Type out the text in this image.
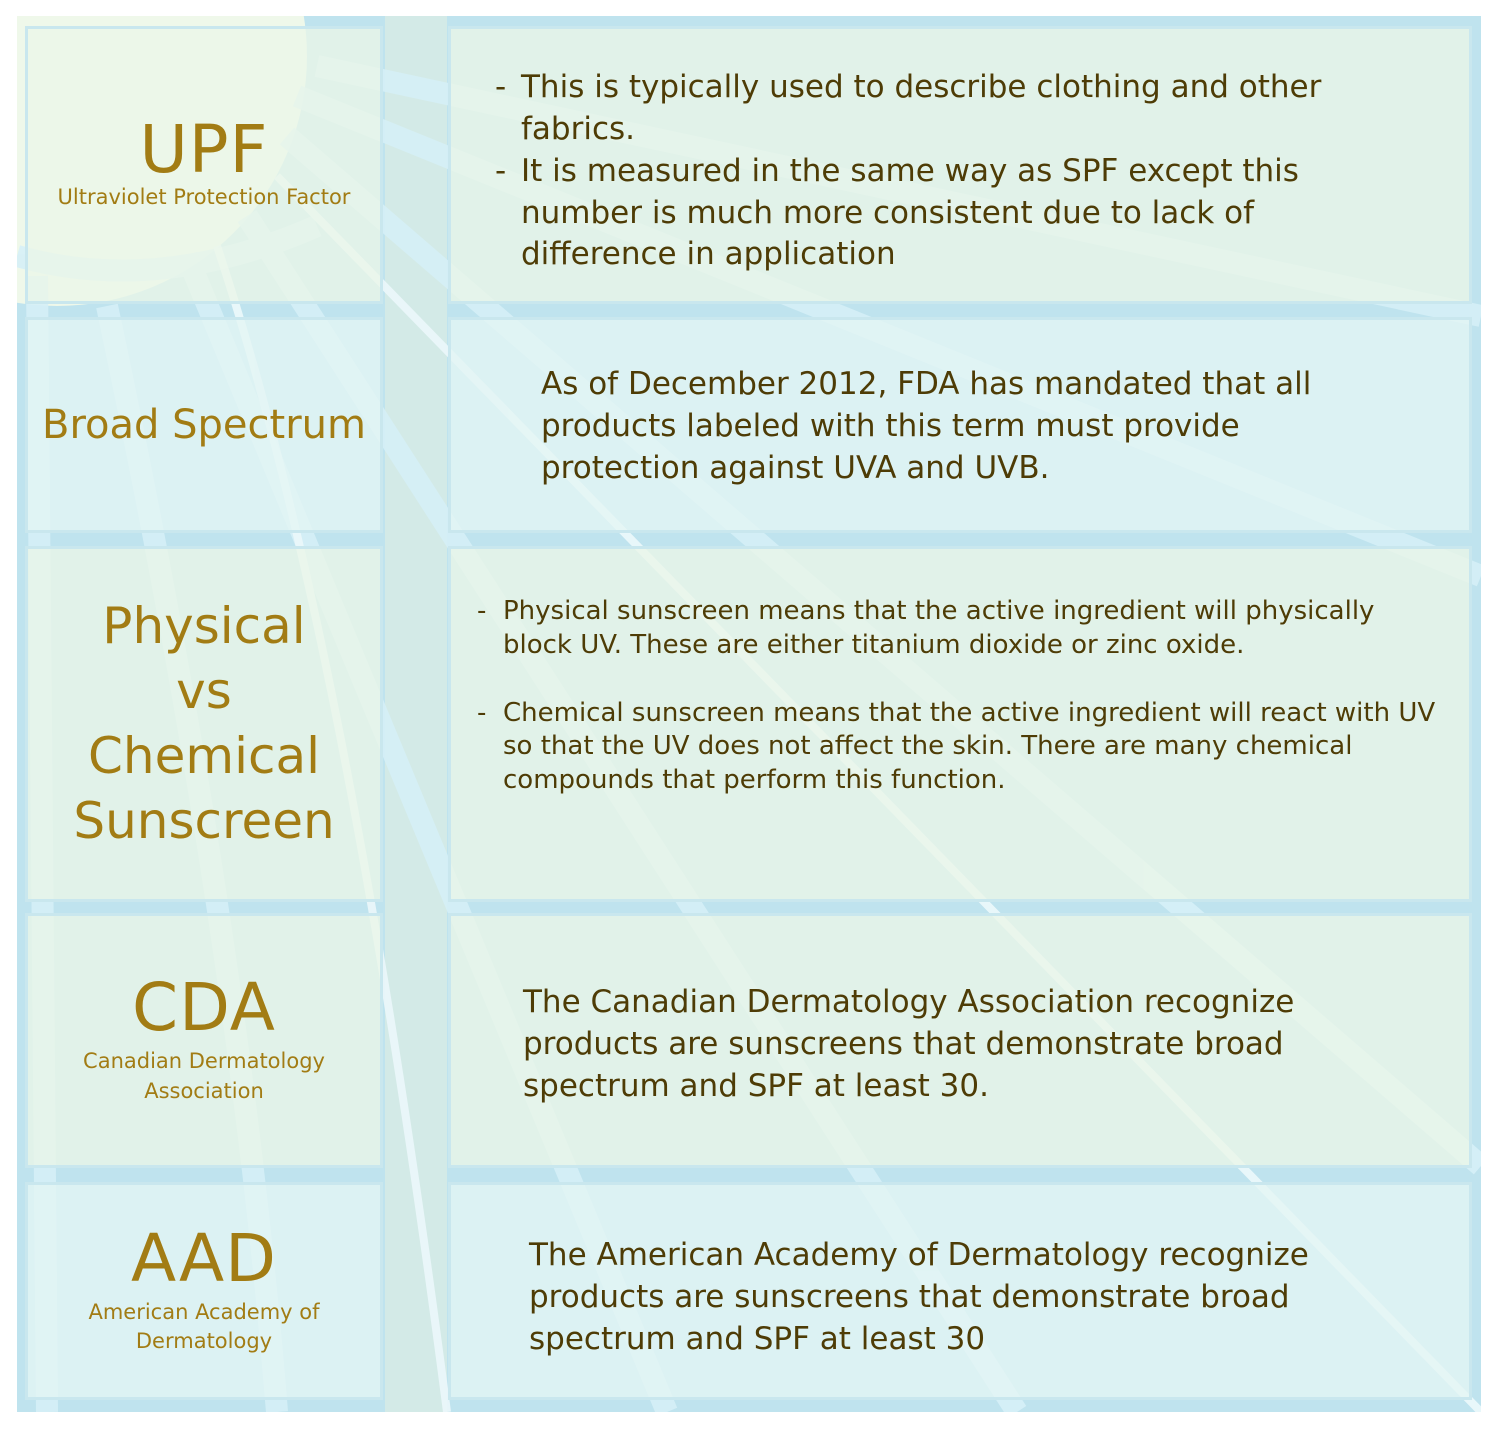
UPF
Ultraviolet Protection Factor
- This is typically used to describe clothing and other fabrics.
- It is measured in the same way as SPF except this number is much more consistent due to lack of difference in application
Broad Spectrum

As of December 2012, FDA has mandated that all products labeled with this term must provide protection against UVA and UVB.

Physical
vs
Chemical
Sunscreen
- Physical sunscreen means that the active ingredient will physically block UV. These are either titanium dioxide or zinc oxide.
- Chemical sunscreen means that the active ingredient will react with UV so that the UV does not affect the skin. There are many chemical compounds that perform this function.
CDA
Canadian Dermatology
Association

The Canadian Dermatology Association recognize products are sunscreens that demonstrate broad spectrum and SPF at least 30.

AAD
American Academy of
Dermatology

The American Academy of Dermatology recognize products are sunscreens that demonstrate broad spectrum and SPF at least 30
